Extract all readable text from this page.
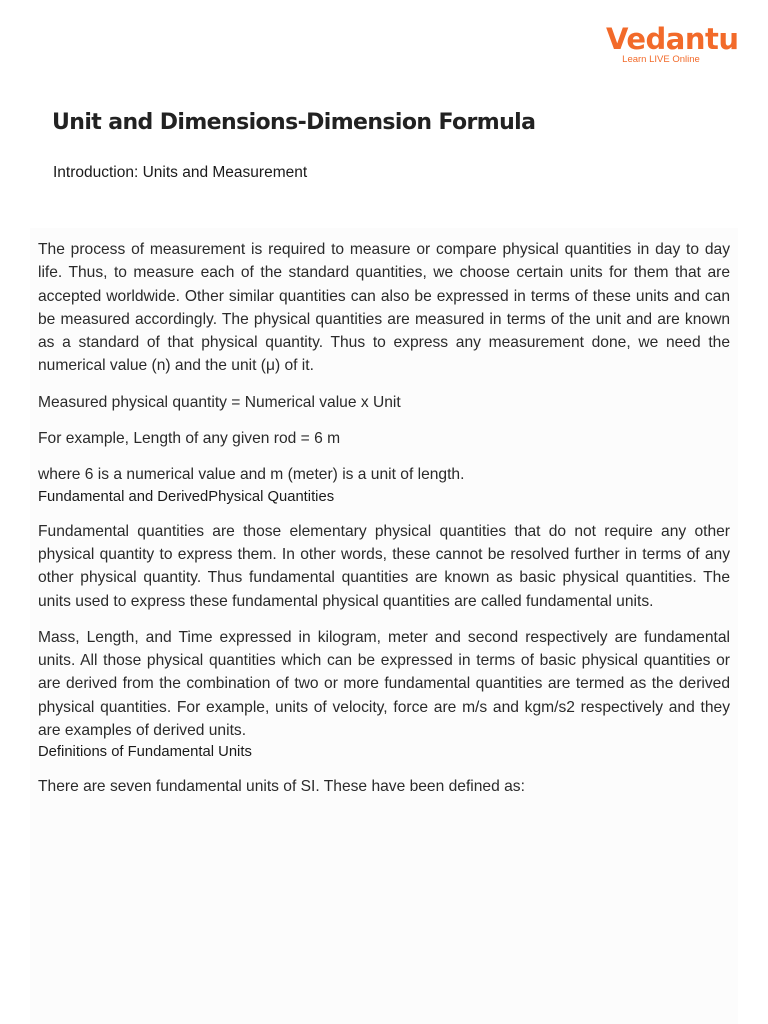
Vedantu
Learn LIVE Online
Unit and Dimensions-Dimension Formula
Introduction: Units and Measurement

The process of measurement is required to measure or compare physical quantities in day to day life. Thus, to measure each of the standard quantities, we choose certain units for them that are accepted worldwide. Other similar quantities can also be expressed in terms of these units and can be measured accordingly. The physical quantities are measured in terms of the unit and are known as a standard of that physical quantity. Thus to express any measurement done, we need the numerical value (n) and the unit (μ) of it.

Measured physical quantity = Numerical value x Unit

For example, Length of any given rod = 6 m

where 6 is a numerical value and m (meter) is a unit of length.

Fundamental and DerivedPhysical Quantities

Fundamental quantities are those elementary physical quantities that do not require any other physical quantity to express them. In other words, these cannot be resolved further in terms of any other physical quantity. Thus fundamental quantities are known as basic physical quantities. The units used to express these fundamental physical quantities are called fundamental units.

Mass, Length, and Time expressed in kilogram, meter and second respectively are fundamental units. All those physical quantities which can be expressed in terms of basic physical quantities or are derived from the combination of two or more fundamental quantities are termed as the derived physical quantities. For example, units of velocity, force are m/s and kgm/s2 respectively and they are examples of derived units.

Definitions of Fundamental Units

There are seven fundamental units of SI. These have been defined as:
